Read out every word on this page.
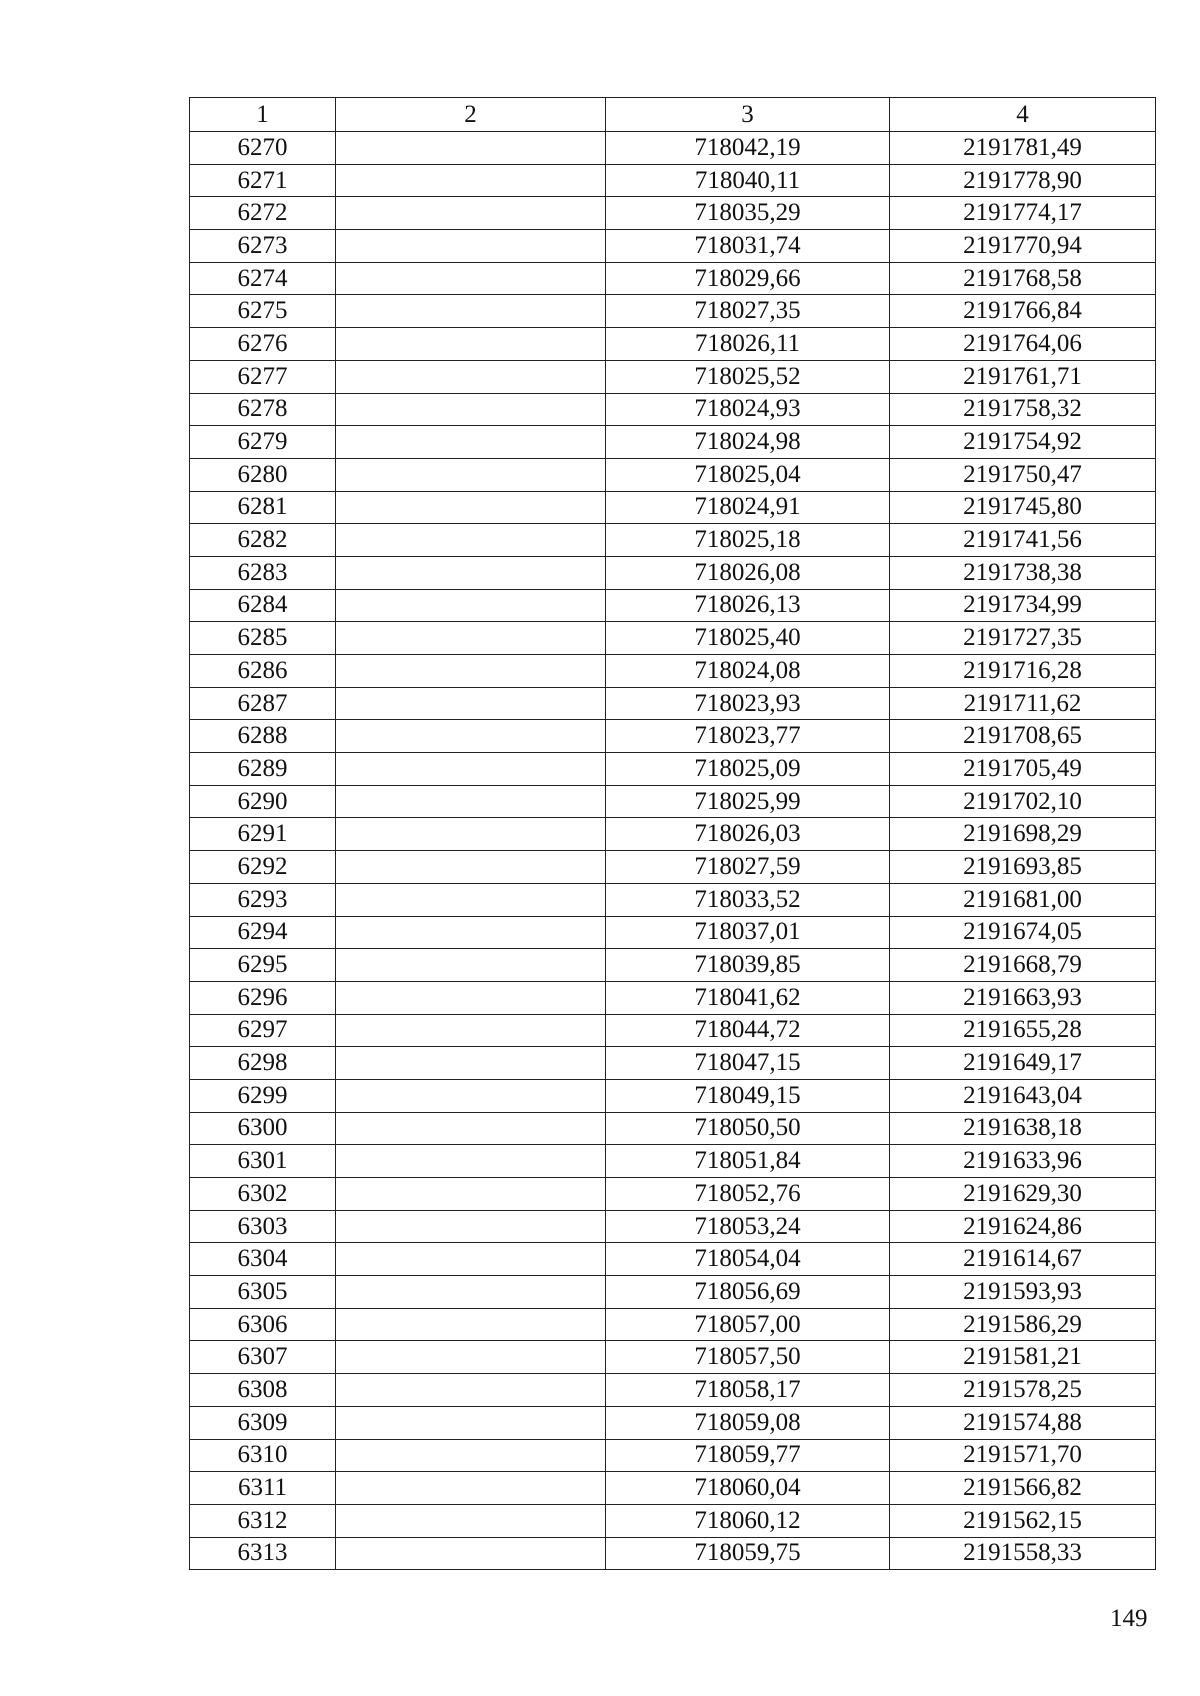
1	2	3	4
6270		718042,19	2191781,49
6271		718040,11	2191778,90
6272		718035,29	2191774,17
6273		718031,74	2191770,94
6274		718029,66	2191768,58
6275		718027,35	2191766,84
6276		718026,11	2191764,06
6277		718025,52	2191761,71
6278		718024,93	2191758,32
6279		718024,98	2191754,92
6280		718025,04	2191750,47
6281		718024,91	2191745,80
6282		718025,18	2191741,56
6283		718026,08	2191738,38
6284		718026,13	2191734,99
6285		718025,40	2191727,35
6286		718024,08	2191716,28
6287		718023,93	2191711,62
6288		718023,77	2191708,65
6289		718025,09	2191705,49
6290		718025,99	2191702,10
6291		718026,03	2191698,29
6292		718027,59	2191693,85
6293		718033,52	2191681,00
6294		718037,01	2191674,05
6295		718039,85	2191668,79
6296		718041,62	2191663,93
6297		718044,72	2191655,28
6298		718047,15	2191649,17
6299		718049,15	2191643,04
6300		718050,50	2191638,18
6301		718051,84	2191633,96
6302		718052,76	2191629,30
6303		718053,24	2191624,86
6304		718054,04	2191614,67
6305		718056,69	2191593,93
6306		718057,00	2191586,29
6307		718057,50	2191581,21
6308		718058,17	2191578,25
6309		718059,08	2191574,88
6310		718059,77	2191571,70
6311		718060,04	2191566,82
6312		718060,12	2191562,15
6313		718059,75	2191558,33
149
